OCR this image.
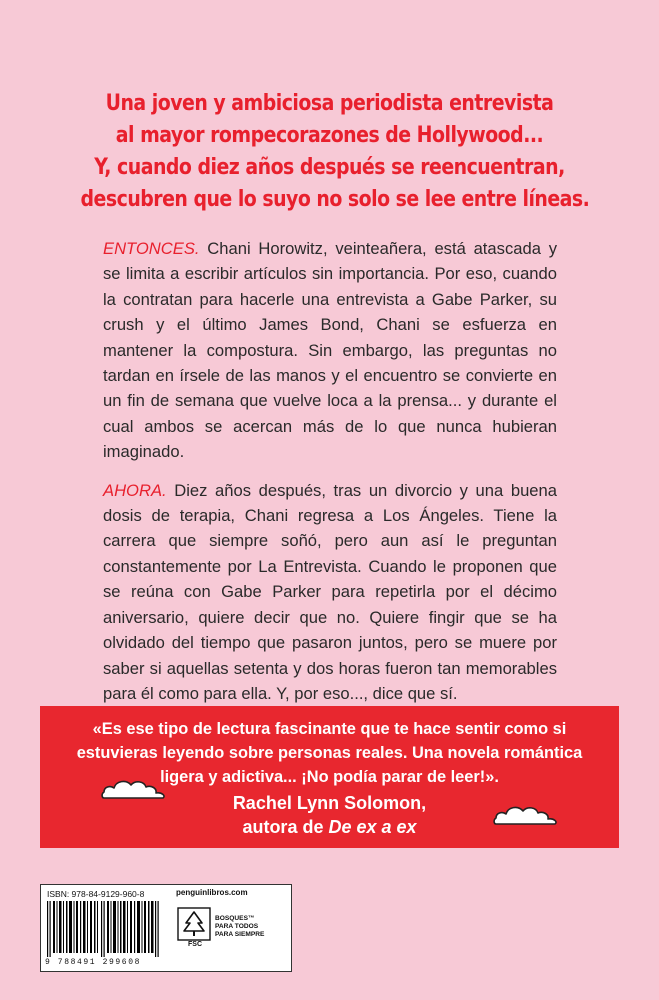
Una joven y ambiciosa periodista entrevista
al mayor rompecorazones de Hollywood...
Y, cuando diez años después se reencuentran,
descubren que lo suyo no solo se lee entre líneas.

ENTONCES. Chani Horowitz, veinteañera, está atascada y se limita a escribir artículos sin importancia. Por eso, cuando la contratan para hacerle una entrevista a Gabe Parker, su crush y el último James Bond, Chani se esfuerza en mantener la compostura. Sin embargo, las preguntas no tardan en írsele de las manos y el encuentro se convierte en un fin de semana que vuelve loca a la prensa... y durante el cual ambos se acercan más de lo que nunca hubieran imaginado.

AHORA. Diez años después, tras un divorcio y una buena dosis de terapia, Chani regresa a Los Ángeles. Tiene la carrera que siempre soñó, pero aun así le preguntan constantemente por La Entrevista. Cuando le proponen que se reúna con Gabe Parker para repetirla por el décimo aniversario, quiere decir que no. Quiere fingir que se ha olvidado del tiempo que pasaron juntos, pero se muere por saber si aquellas setenta y dos horas fueron tan memorables para él como para ella. Y, por eso..., dice que sí.

«Es ese tipo de lectura fascinante que te hace sentir como si
estuvieras leyendo sobre personas reales. Una novela romántica
ligera y adictiva... ¡No podía parar de leer!».
Rachel Lynn Solomon,
autora de De ex a ex
ISBN: 978-84-9129-960-8
9 788491 299608
penguinlibros.com
BOSQUES™
PARA TODOS
PARA SIEMPRE
FSC
